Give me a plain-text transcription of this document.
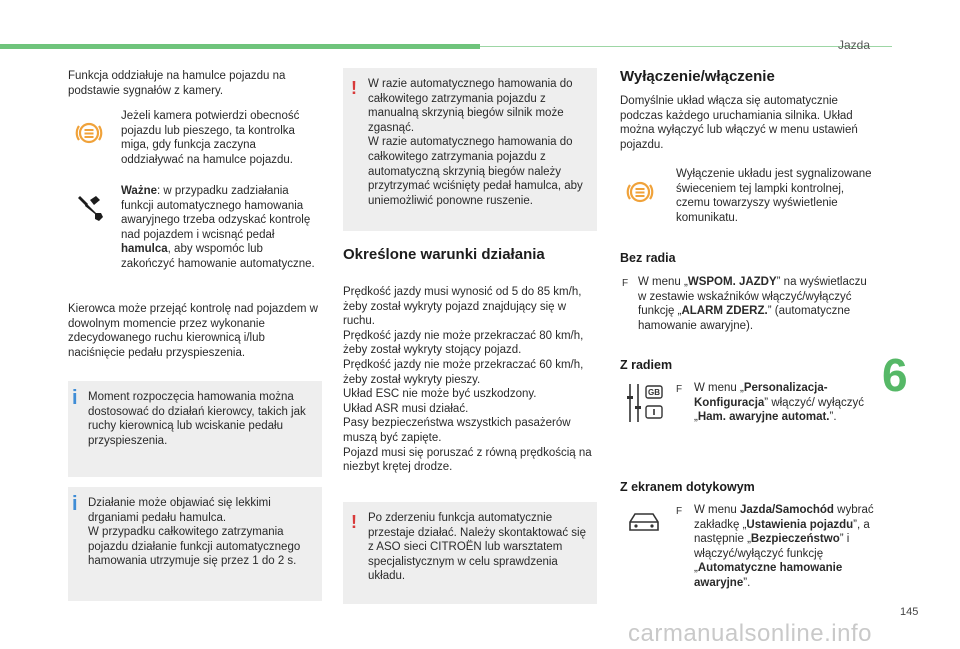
Jazda
6
145
carmanualsonline.info

Funkcja oddziałuje na hamulce pojazdu na podstawie sygnałów z kamery.

Jeżeli kamera potwierdzi obecność pojazdu lub pieszego, ta kontrolka miga, gdy funkcja zaczyna oddziaływać na hamulce pojazdu.

Ważne: w przypadku zadziałania funkcji automatycznego hamowania awaryjnego trzeba odzyskać kontrolę nad pojazdem i wcisnąć pedał hamulca, aby wspomóc lub zakończyć hamowanie automatyczne.

Kierowca może przejąć kontrolę nad pojazdem w dowolnym momencie przez wykonanie zdecydowanego ruchu kierownicą i/lub naciśnięcie pedału przyspieszenia.

i Moment rozpoczęcia hamowania można dostosować do działań kierowcy, takich jak ruchy kierownicą lub wciskanie pedału przyspieszenia.

i Działanie może objawiać się lekkimi drganiami pedału hamulca.

W przypadku całkowitego zatrzymania pojazdu działanie funkcji automatycznego hamowania utrzymuje się przez 1 do 2 s.

! W razie automatycznego hamowania do całkowitego zatrzymania pojazdu z manualną skrzynią biegów silnik może zgasnąć.

W razie automatycznego hamowania do całkowitego zatrzymania pojazdu z automatyczną skrzynią biegów należy przytrzymać wciśnięty pedał hamulca, aby uniemożliwić ponowne ruszenie.

Określone warunki działania

Prędkość jazdy musi wynosić od 5 do 85 km/h, żeby został wykryty pojazd znajdujący się w ruchu.

Prędkość jazdy nie może przekraczać 80 km/h, żeby został wykryty stojący pojazd.

Prędkość jazdy nie może przekraczać 60 km/h, żeby został wykryty pieszy.

Układ ESC nie może być uszkodzony.

Układ ASR musi działać.

Pasy bezpieczeństwa wszystkich pasażerów muszą być zapięte.

Pojazd musi się poruszać z równą prędkością na niezbyt krętej drodze.

! Po zderzeniu funkcja automatycznie przestaje działać. Należy skontaktować się z ASO sieci CITROËN lub warsztatem specjalistycznym w celu sprawdzenia układu.

Wyłączenie/włączenie

Domyślnie układ włącza się automatycznie podczas każdego uruchamiania silnika. Układ można wyłączyć lub włączyć w menu ustawień pojazdu.

Wyłączenie układu jest sygnalizowane świeceniem tej lampki kontrolnej, czemu towarzyszy wyświetlenie komunikatu.

Bez radia
F W menu „WSPOM. JAZDY” na wyświetlaczu w zestawie wskaźników włączyć/wyłączyć funkcję „ALARM ZDERZ.” (automatyczne hamowanie awaryjne).

Z radiem
GB F W menu „Personalizacja-Konfiguracja” włączyć/ wyłączyć „Ham. awaryjne automat.”.

Z ekranem dotykowym
F W menu Jazda/Samochód wybrać zakładkę „Ustawienia pojazdu”, a następnie „Bezpieczeństwo” i włączyć/wyłączyć funkcję „Automatyczne hamowanie awaryjne”.
